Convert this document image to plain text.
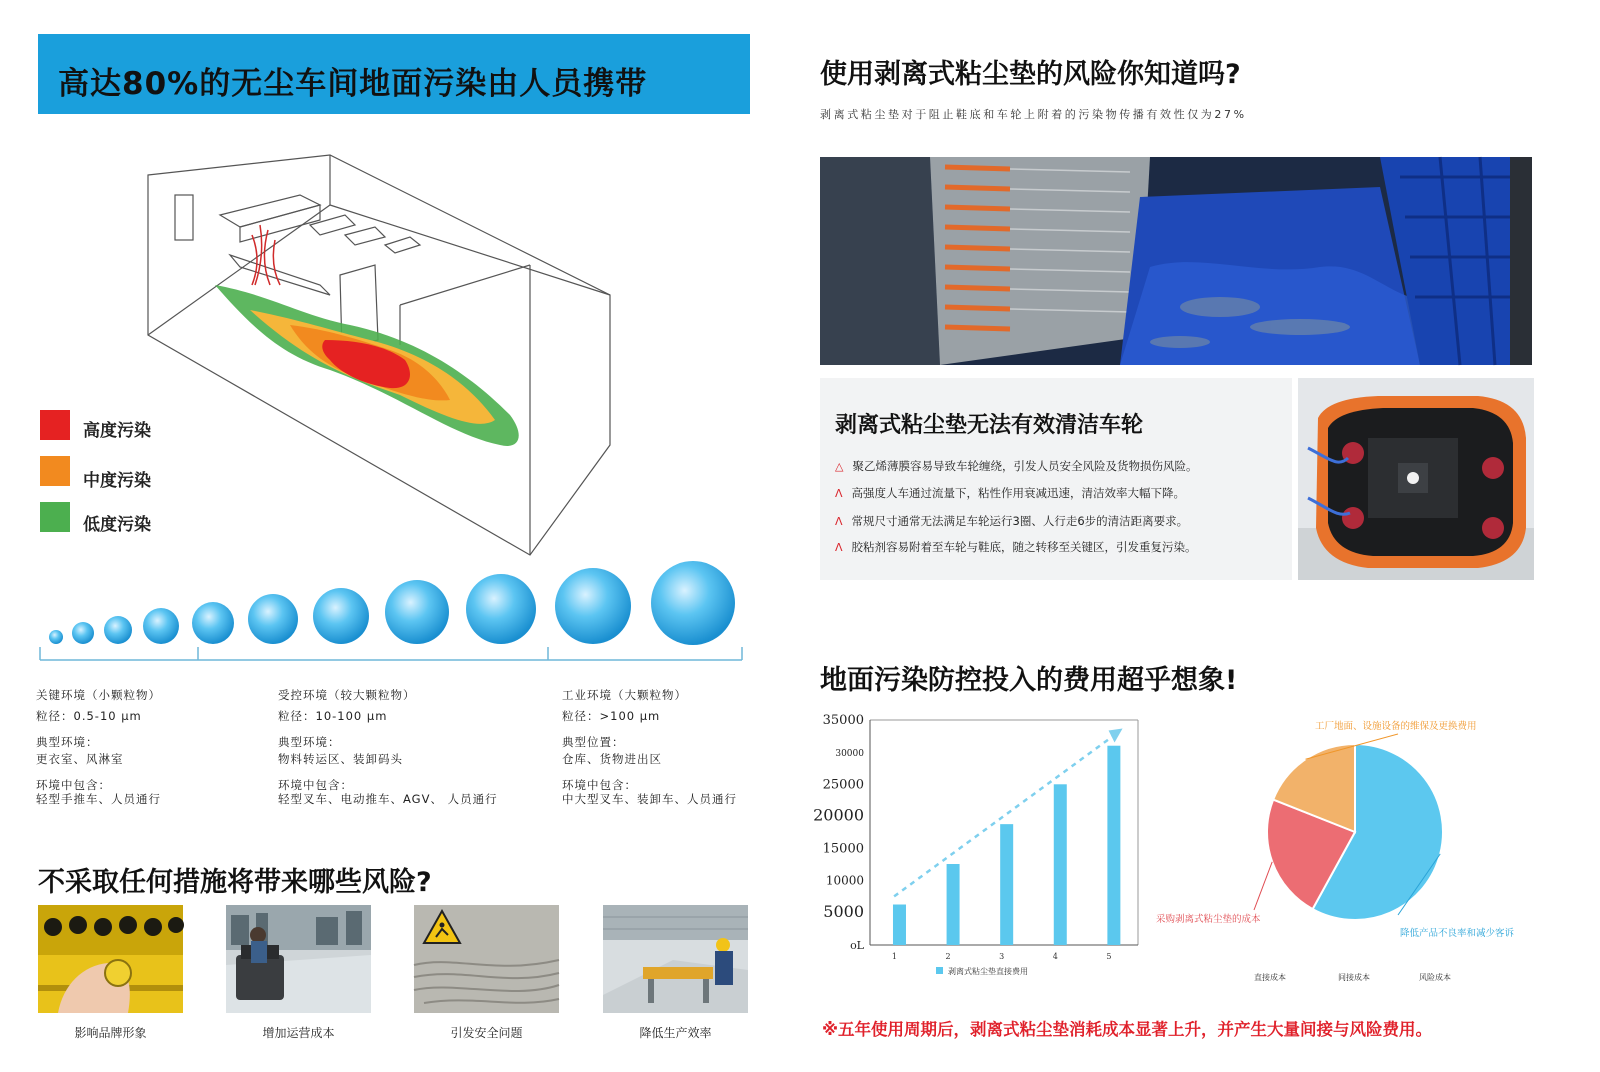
高达80%的无尘车间地面污染由人员携带
高度污染
中度污染
低度污染
关键环境（小颗粒物）
粒径：0.5-10 μm
典型环境：
更衣室、风淋室
环境中包含：
轻型手推车、人员通行
受控环境（较大颗粒物）
粒径：10-100 μm
典型环境：
物料转运区、装卸码头
环境中包含：
轻型叉车、电动推车、AGV、 人员通行
工业环境（大颗粒物）
粒径：>100 μm
典型位置：
仓库、货物进出区
环境中包含：
中大型叉车、装卸车、人员通行
不采取任何措施将带来哪些风险?
影响品牌形象	增加运营成本	引发安全问题	降低生产效率
使用剥离式粘尘垫的风险你知道吗?
剥离式粘尘垫对于阻止鞋底和车轮上附着的污染物传播有效性仅为27%
剥离式粘尘垫无法有效清洁车轮
△ 聚乙烯薄膜容易导致车轮缠绕，引发人员安全风险及货物损伤风险。
Λ 高强度人车通过流量下，粘性作用衰减迅速，清洁效率大幅下降。
Λ 常规尺寸通常无法满足车轮运行3圈、人行走6步的清洁距离要求。
Λ 胶粘剂容易附着至车轮与鞋底，随之转移至关键区，引发重复污染。
地面污染防控投入的费用超乎想象!
35000
30000
25000
20000
15000
10000
5000
oL
1	2	3	4	5
剥离式粘尘垫直接费用
降低产品不良率和减少客诉
采购剥离式粘尘垫的成本
工厂地面、设施设备的维保及更换费用
直接成本	间接成本	风险成本
※五年使用周期后，剥离式粘尘垫消耗成本显著上升，并产生大量间接与风险费用。
